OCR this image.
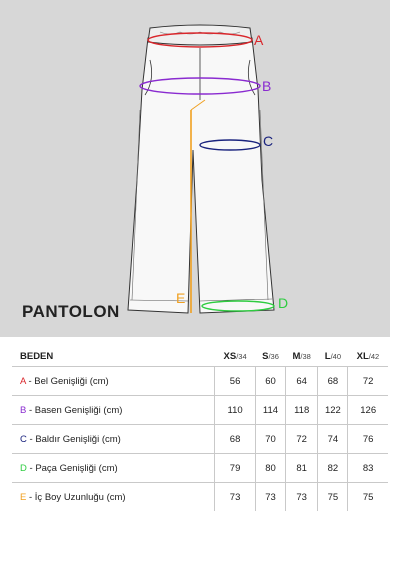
A
B
C
D
E
PANTOLON
BEDEN	XS/34	S/36	M/38	L/40	XL/42
A - Bel Genişliği (cm)	56	60	64	68	72
B - Basen Genişliği (cm)	110	114	118	122	126
C - Baldır Genişliği (cm)	68	70	72	74	76
D - Paça Genişliği (cm)	79	80	81	82	83
E - İç Boy Uzunluğu (cm)	73	73	73	75	75
